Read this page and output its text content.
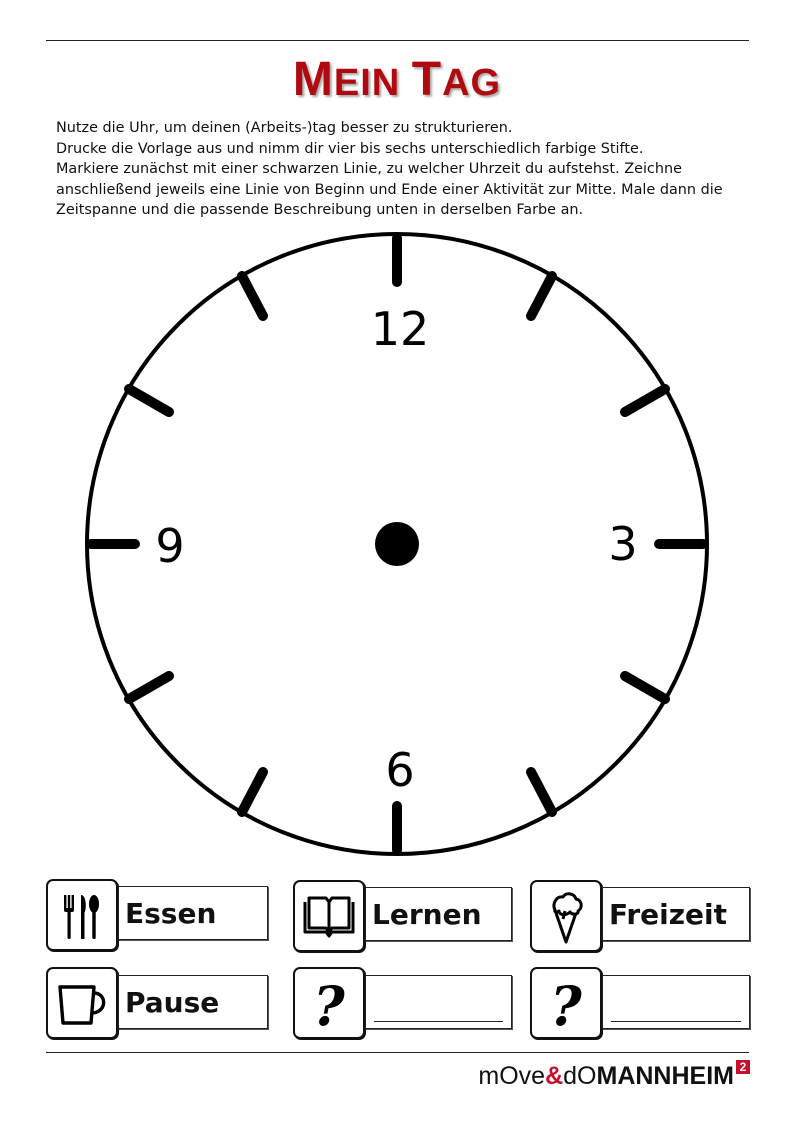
MEIN TAG
Nutze die Uhr, um deinen (Arbeits-)tag besser zu strukturieren.
Drucke die Vorlage aus und nimm dir vier bis sechs unterschiedlich farbige Stifte.
Markiere zunächst mit einer schwarzen Linie, zu welcher Uhrzeit du aufstehst. Zeichne
anschließend jeweils eine Linie von Beginn und Ende einer Aktivität zur Mitte. Male dann die
Zeitspanne und die passende Beschreibung unten in derselben Farbe an.
12
3
6
9
Essen	Lernen	Freizeit
Pause ?	?
mOve&dOMANNHEIM 2
